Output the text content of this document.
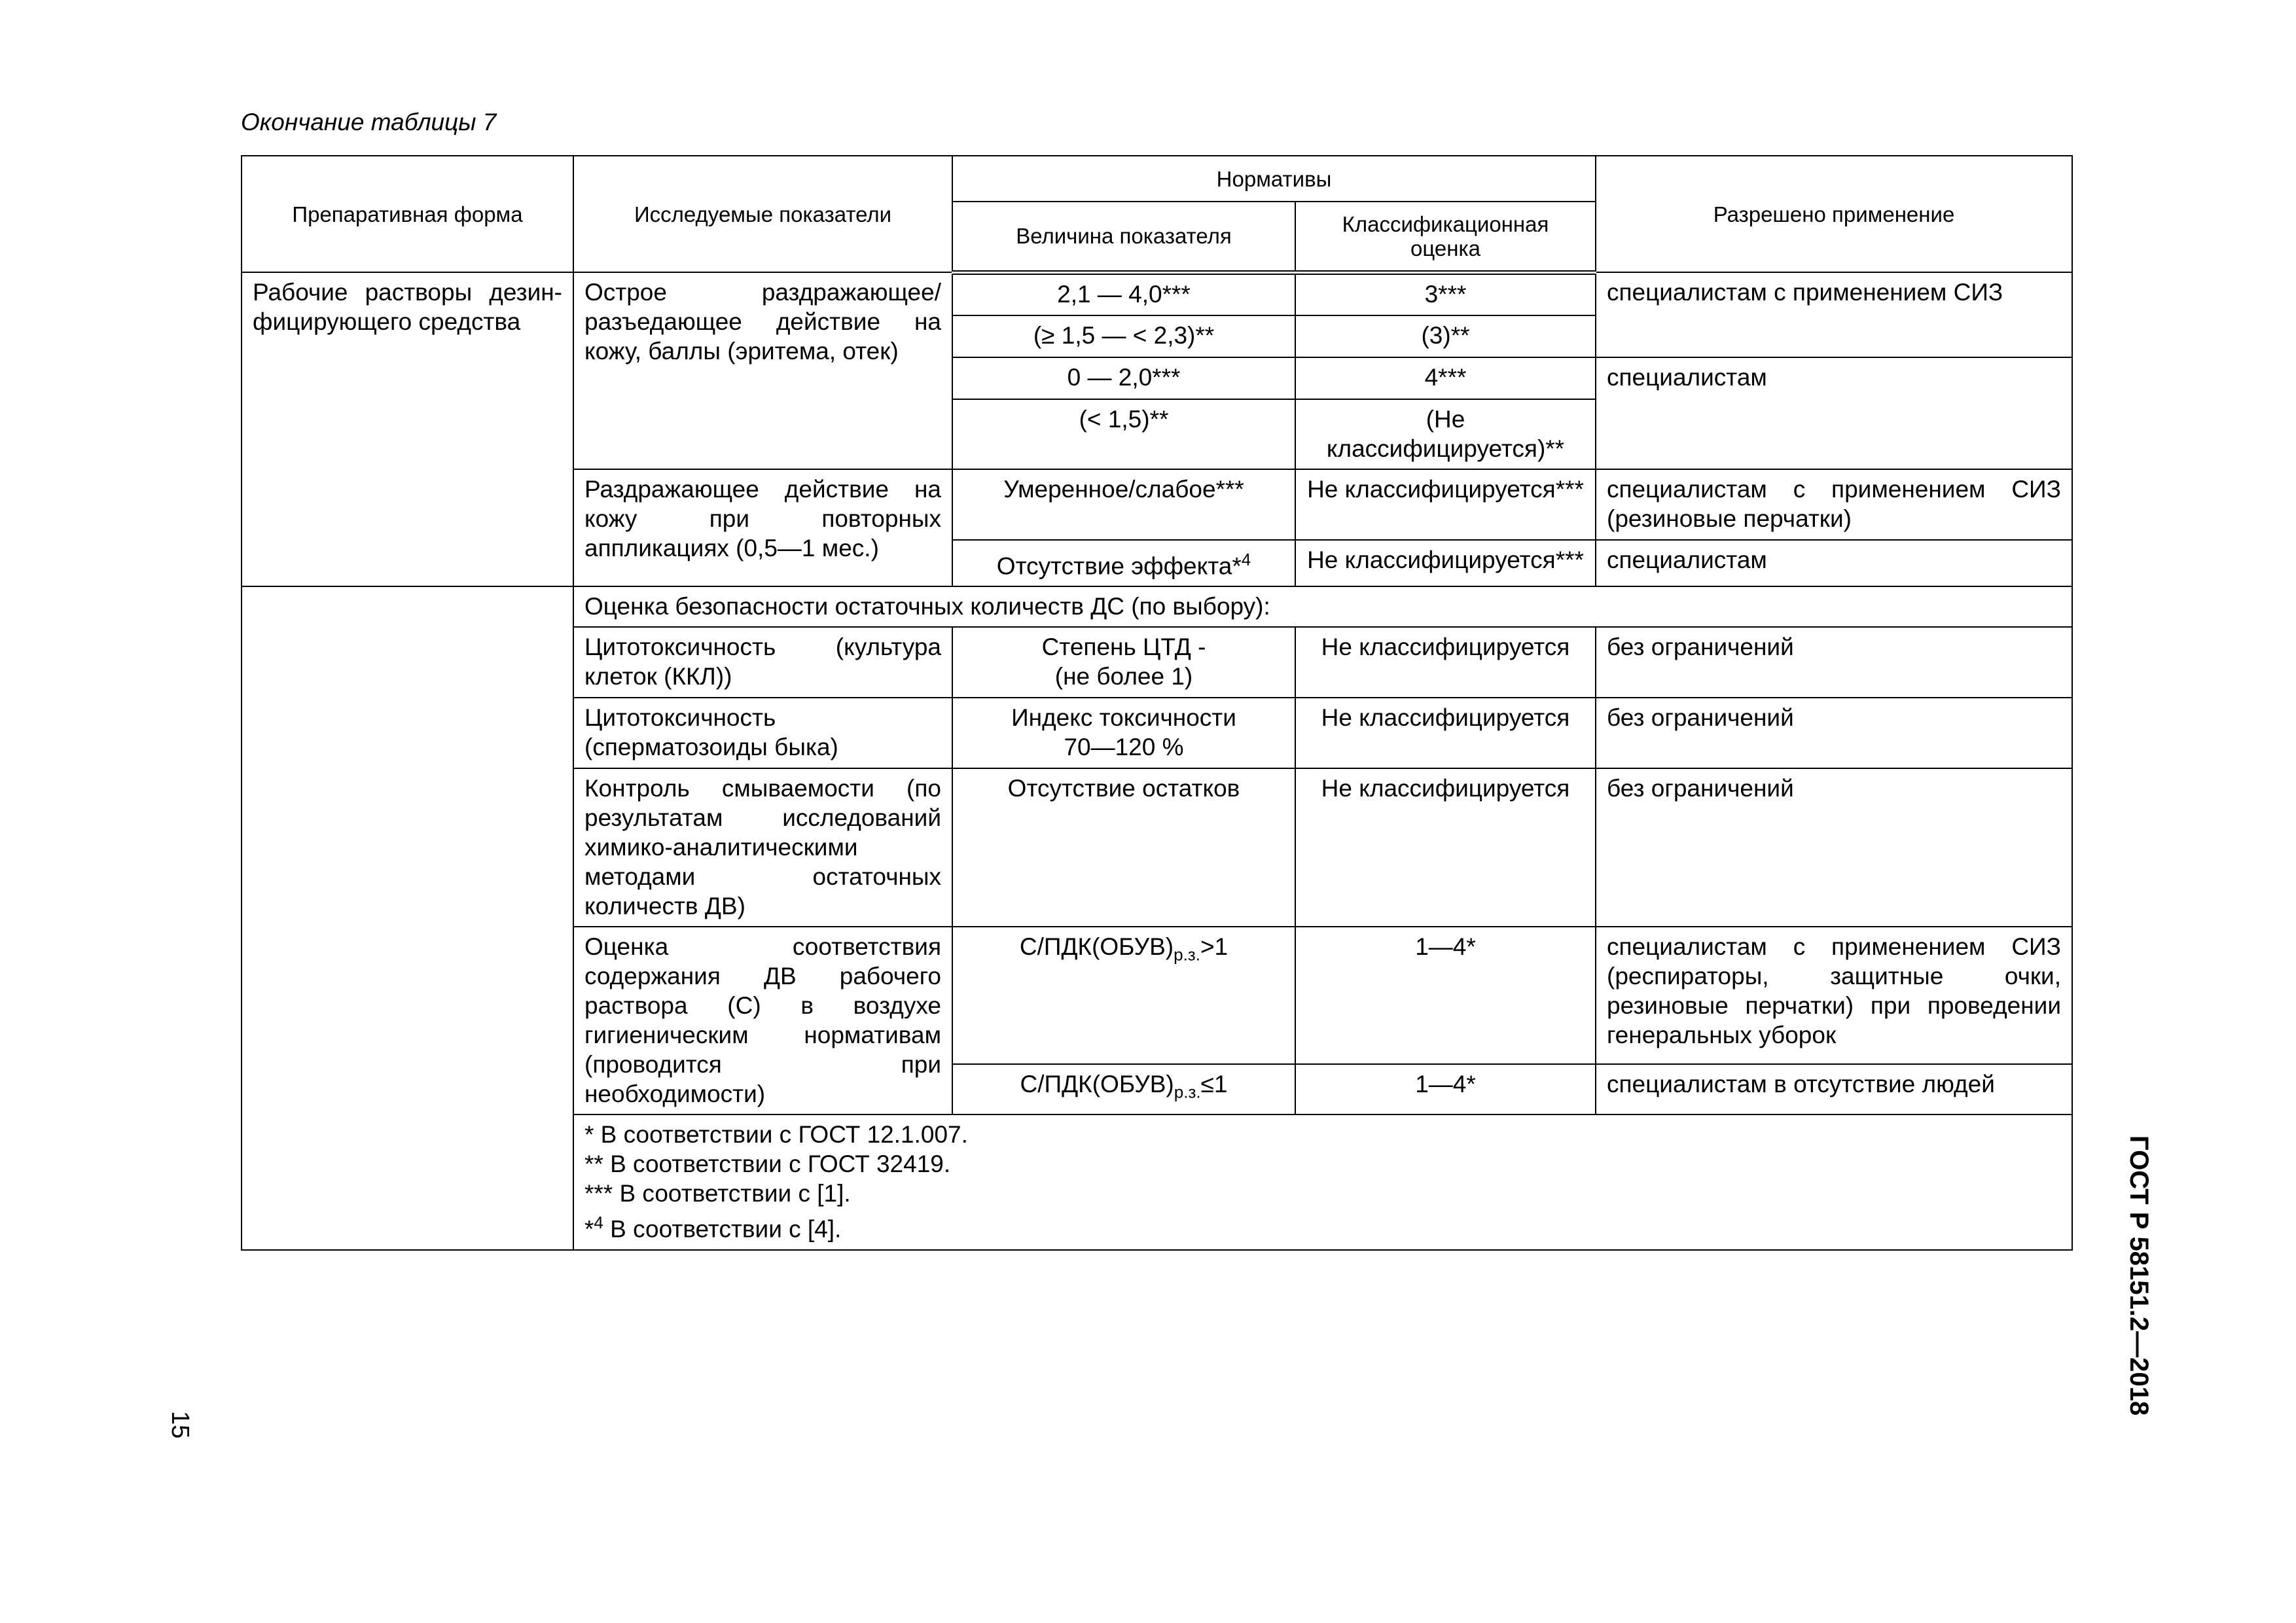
Окончание таблицы 7
Препаративная форма	Исследуемые показатели	Нормативы		Разрешено применение
		Величина показателя	Классификационная оценка	
Рабочие растворы дезин-фицирующего средства	Острое раздражающее/ разъедающее действие на кожу, баллы (эритема, отек)	2,1 — 4,0***	3***	специалистам с применением СИЗ
		(≥ 1,5 — < 2,3)**	(3)**	
		0 — 2,0***	4***	специалистам
		(< 1,5)**	(Не классифицируется)**	
	Раздражающее действие на кожу при повторных аппликациях (0,5—1 мес.)	Умеренное/слабое***	Не классифицируется***	специалистам с применением СИЗ (резиновые перчатки)
		Отсутствие эффекта*$^4$	Не классифицируется***	специалистам
	Оценка безопасности остаточных количеств ДС (по выбору):			
	Цитотоксичность (культура клеток (ККЛ))	Степень ЦТД -
(не более 1)	Не классифицируется	без ограничений
	Цитотоксичность (сперматозоиды быка)	Индекс токсичности
70—120 %	Не классифицируется	без ограничений
	Контроль смываемости (по результатам исследований химико-аналитическими методами остаточных количеств ДВ)	Отсутствие остатков	Не классифицируется	без ограничений
	Оценка соответствия содержания ДВ рабочего раствора (С) в воздухе гигиеническим нормативам (проводится при необходимости)	$С/ПДК(ОБУВ)_{р.з.}>1$	1—4*	специалистам с применением СИЗ (респираторы, защитные очки, резиновые перчатки) при проведении генеральных уборок
		$С/ПДК(ОБУВ)_{р.з.}\le 1$	1—4*	специалистам в отсутствие людей

	* В соответствии с ГОСТ 12.1.007.
** В соответствии с ГОСТ 32419.
*** В соответствии с [1].
*$^4$ В соответствии с [4].				ГОСТ Р 58151.2—2018
15
